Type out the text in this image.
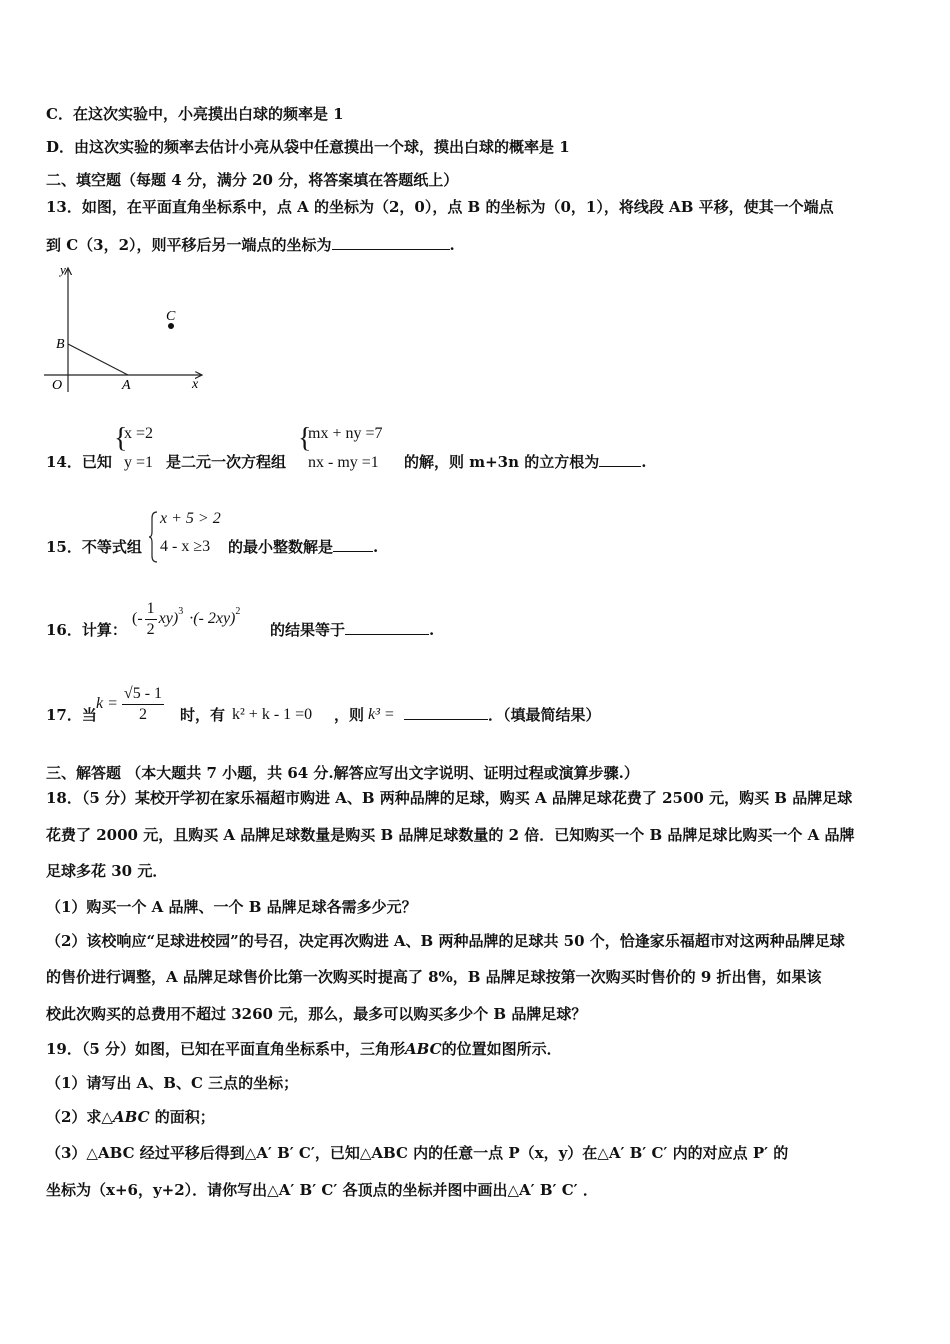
C．在这次实验中，小亮摸出白球的频率是 1
D．由这次实验的频率去估计小亮从袋中任意摸出一个球，摸出白球的概率是 1
二、填空题（每题 4 分，满分 20 分，将答案填在答题纸上）
13．如图，在平面直角坐标系中，点 A 的坐标为（2，0），点 B 的坐标为（0，1），将线段 AB 平移，使其一个端点
到 C（3，2），则平移后另一端点的坐标为	.
y
x
O	A
B
C
14．已知
{
x =2
y =1 是二元一次方程组
{
mx + ny =7
nx - my =1 的解，则 m+3n 的立方根为	.
15．不等式组
x + 5 > 2
4 - x ≥3 的最小整数解是	.
16．计算：
(- $\frac{1}{2} xy)^3$ ·(- 2xy)$^2$
的结果等于	.
17．当
$k = \frac{√5 - 1}{2}$ 时，有 k² + k - 1 =0 ，则 k³ =	．（填最简结果）
三、解答题 （本大题共 7 小题，共 64 分.解答应写出文字说明、证明过程或演算步骤.）
18．（5 分）某校开学初在家乐福超市购进 A、B 两种品牌的足球，购买 A 品牌足球花费了 2500 元，购买 B 品牌足球
花费了 2000 元，且购买 A 品牌足球数量是购买 B 品牌足球数量的 2 倍．已知购买一个 B 品牌足球比购买一个 A 品牌
足球多花 30 元．
（1）购买一个 A 品牌、一个 B 品牌足球各需多少元？
（2）该校响应“足球进校园”的号召，决定再次购进 A、B 两种品牌的足球共 50 个，恰逢家乐福超市对这两种品牌足球
的售价进行调整，A 品牌足球售价比第一次购买时提高了 8%，B 品牌足球按第一次购买时售价的 9 折出售，如果该
校此次购买的总费用不超过 3260 元，那么，最多可以购买多少个 B 品牌足球？
19．（5 分）如图，已知在平面直角坐标系中，三角形ABC的位置如图所示．
（1）请写出 A、B、C 三点的坐标；
（2）求△ABC 的面积；
（3）△ABC 经过平移后得到△A′ B′ C′，已知△ABC 内的任意一点 P（x，y）在△A′ B′ C′ 内的对应点 P′ 的
坐标为（x+6，y+2）．请你写出△A′ B′ C′ 各顶点的坐标并图中画出△A′ B′ C′ ．
